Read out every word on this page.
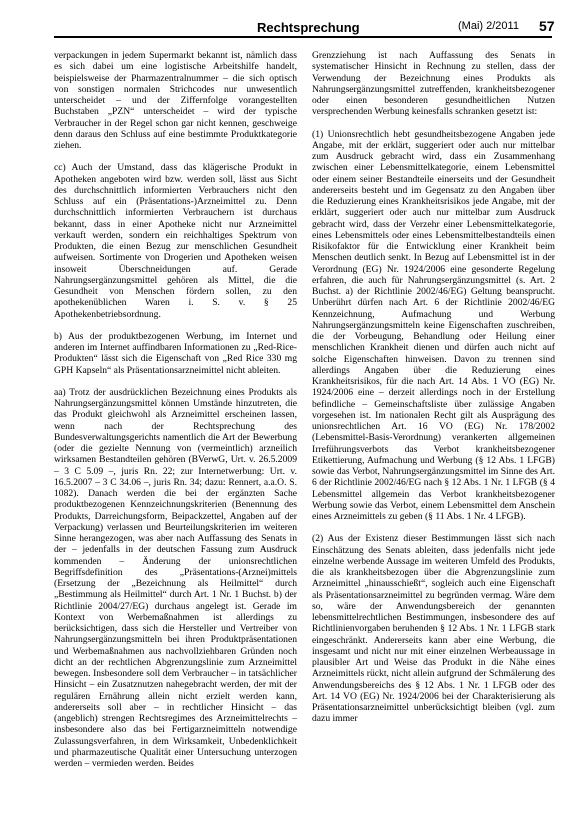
Rechtsprechung	(Mai) 2/2011 57

verpackungen in jedem Supermarkt bekannt ist, nämlich dass es sich dabei um eine logistische Arbeitshilfe handelt, beispielsweise der Pharmazentralnummer – die sich optisch von sonstigen normalen Strichcodes nur unwesentlich unterscheidet – und der Ziffernfolge vorangestellten Buchstaben „PZN“ unterscheidet – wird der typische Verbraucher in der Regel schon gar nicht kennen, geschweige denn daraus den Schluss auf eine bestimmte Produktkategorie ziehen.

cc) Auch der Umstand, dass das klägerische Produkt in Apotheken angeboten wird bzw. werden soll, lässt aus Sicht des durchschnittlich informierten Verbrauchers nicht den Schluss auf ein (Präsentations-)Arzneimittel zu. Denn durchschnittlich informierten Verbrauchern ist durchaus bekannt, dass in einer Apotheke nicht nur Arzneimittel verkauft werden, sondern ein reichhaltiges Spektrum von Produkten, die einen Bezug zur menschlichen Gesundheit aufweisen. Sortimente von Drogerien und Apotheken weisen insoweit Überschneidungen auf. Gerade Nahrungsergänzungsmittel gehören als Mittel, die die Gesundheit von Menschen fördern sollen, zu den apothekenüblichen Waren i. S. v. § 25 Apothekenbetriebsordnung.

b) Aus der produktbezogenen Werbung, im Internet und anderen im Internet auffindbaren Informationen zu „Red-Rice-Produkten“ lässt sich die Eigenschaft von „Red Rice 330 mg GPH Kapseln“ als Präsentationsarzneimittel nicht ableiten.

aa) Trotz der ausdrücklichen Bezeichnung eines Produkts als Nahrungsergänzungsmittel können Umstände hinzutreten, die das Produkt gleichwohl als Arzneimittel erscheinen lassen, wenn nach der Rechtsprechung des Bundesverwaltungsgerichts namentlich die Art der Bewerbung (oder die gezielte Nennung von (vermeintlich) arzneilich wirksamen Bestandteilen gehören (BVerwG, Urt. v. 26.5.2009 – 3 C 5.09 –, juris Rn. 22; zur Internetwerbung: Urt. v. 16.5.2007 – 3 C 34.06 –, juris Rn. 34; dazu: Rennert, a.a.O. S. 1082). Danach werden die bei der ergänzten Sache produktbezogenen Kennzeichnungskriterien (Benennung des Produkts, Darreichungsform, Beipackzettel, Angaben auf der Verpackung) verlassen und Beurteilungskriterien im weiteren Sinne herangezogen, was aber nach Auffassung des Senats in der – jedenfalls in der deutschen Fassung zum Ausdruck kommenden – Änderung der unionsrechtlichen Begriffsdefinition des „Präsentations-(Arznei)mittels (Ersetzung der „Bezeichnung als Heilmittel“ durch „Bestimmung als Heilmittel“ durch Art. 1 Nr. 1 Buchst. b) der Richtlinie 2004/27/EG) durchaus angelegt ist. Gerade im Kontext von Werbemaßnahmen ist allerdings zu berücksichtigen, dass sich die Hersteller und Vertreiber von Nahrungsergänzungsmitteln bei ihren Produktpräsentationen und Werbemaßnahmen aus nachvollziehbaren Gründen noch dicht an der rechtlichen Abgrenzungslinie zum Arzneimittel bewegen. Insbesondere soll dem Verbraucher – in tatsächlicher Hinsicht – ein Zusatznutzen nahegebracht werden, der mit der regulären Ernährung allein nicht erzielt werden kann, andererseits soll aber – in rechtlicher Hinsicht – das (angeblich) strengen Rechtsregimes des Arzneimittelrechts – insbesondere also das bei Fertigarzneimitteln notwendige Zulassungsverfahren, in dem Wirksamkeit, Unbedenklichkeit und pharmazeutische Qualität einer Untersuchung unterzogen werden – vermieden werden. Beides

Grenzziehung ist nach Auffassung des Senats in systematischer Hinsicht in Rechnung zu stellen, dass der Verwendung der Bezeichnung eines Produkts als Nahrungsergänzungsmittel zutreffenden, krankheitsbezogener oder einen besonderen gesundheitlichen Nutzen versprechenden Werbung keinesfalls schranken gesetzt ist:

(1) Unionsrechtlich hebt gesundheitsbezogene Angaben jede Angabe, mit der erklärt, suggeriert oder auch nur mittelbar zum Ausdruck gebracht wird, dass ein Zusammenhang zwischen einer Lebensmittelkategorie, einem Lebensmittel oder einem seiner Bestandteile einerseits und der Gesundheit andererseits besteht und im Gegensatz zu den Angaben über die Reduzierung eines Krankheitsrisikos jede Angabe, mit der erklärt, suggeriert oder auch nur mittelbar zum Ausdruck gebracht wird, dass der Verzehr einer Lebensmittelkategorie, eines Lebensmittels oder eines Lebensmittelbestandteils einen Risikofaktor für die Entwicklung einer Krankheit beim Menschen deutlich senkt. In Bezug auf Lebensmittel ist in der Verordnung (EG) Nr. 1924/2006 eine gesonderte Regelung erfahren, die auch für Nahrungsergänzungsmittel (s. Art. 2 Buchst. a) der Richtlinie 2002/46/EG) Geltung beansprucht. Unberührt dürfen nach Art. 6 der Richtlinie 2002/46/EG Kennzeichnung, Aufmachung und Werbung Nahrungsergänzungsmitteln keine Eigenschaften zuschreiben, die der Vorbeugung, Behandlung oder Heilung einer menschlichen Krankheit dienen und dürfen auch nicht auf solche Eigenschaften hinweisen. Davon zu trennen sind allerdings Angaben über die Reduzierung eines Krankheitsrisikos, für die nach Art. 14 Abs. 1 VO (EG) Nr. 1924/2006 eine – derzeit allerdings noch in der Erstellung befindliche – Gemeinschaftsliste über zulässige Angaben vorgesehen ist. Im nationalen Recht gilt als Ausprägung des unionsrechtlichen Art. 16 VO (EG) Nr. 178/2002 (Lebensmittel-Basis-Verordnung) verankerten allgemeinen Irreführungsverbots das Verbot krankheitsbezogener Etikettierung, Aufmachung und Werbung (§ 12 Abs. 1 LFGB) sowie das Verbot, Nahrungsergänzungsmittel im Sinne des Art. 6 der Richtlinie 2002/46/EG nach § 12 Abs. 1 Nr. 1 LFGB (§ 4 Lebensmittel allgemein das Verbot krankheitsbezogener Werbung sowie das Verbot, einem Lebensmittel dem Anschein eines Arzneimittels zu geben (§ 11 Abs. 1 Nr. 4 LFGB).

(2) Aus der Existenz dieser Bestimmungen lässt sich nach Einschätzung des Senats ableiten, dass jedenfalls nicht jede einzelne werbende Aussage im weiteren Umfeld des Produkts, die als krankheitsbezogen über die Abgrenzungslinie zum Arzneimittel „hinausschießt“, sogleich auch eine Eigenschaft als Präsentationsarzneimittel zu begründen vermag. Wäre dem so, wäre der Anwendungsbereich der genannten lebensmittelrechtlichen Bestimmungen, insbesondere des auf Richtlinienvorgaben beruhenden § 12 Abs. 1 Nr. 1 LFGB stark eingeschränkt. Andererseits kann aber eine Werbung, die insgesamt und nicht nur mit einer einzelnen Werbeaussage in plausibler Art und Weise das Produkt in die Nähe eines Arzneimittels rückt, nicht allein aufgrund der Schmälerung des Anwendungsbereichs des § 12 Abs. 1 Nr. 1 LFGB oder des Art. 14 VO (EG) Nr. 1924/2006 bei der Charakterisierung als Präsentationsarzneimittel unberücksichtigt bleiben (vgl. zum dazu immer
